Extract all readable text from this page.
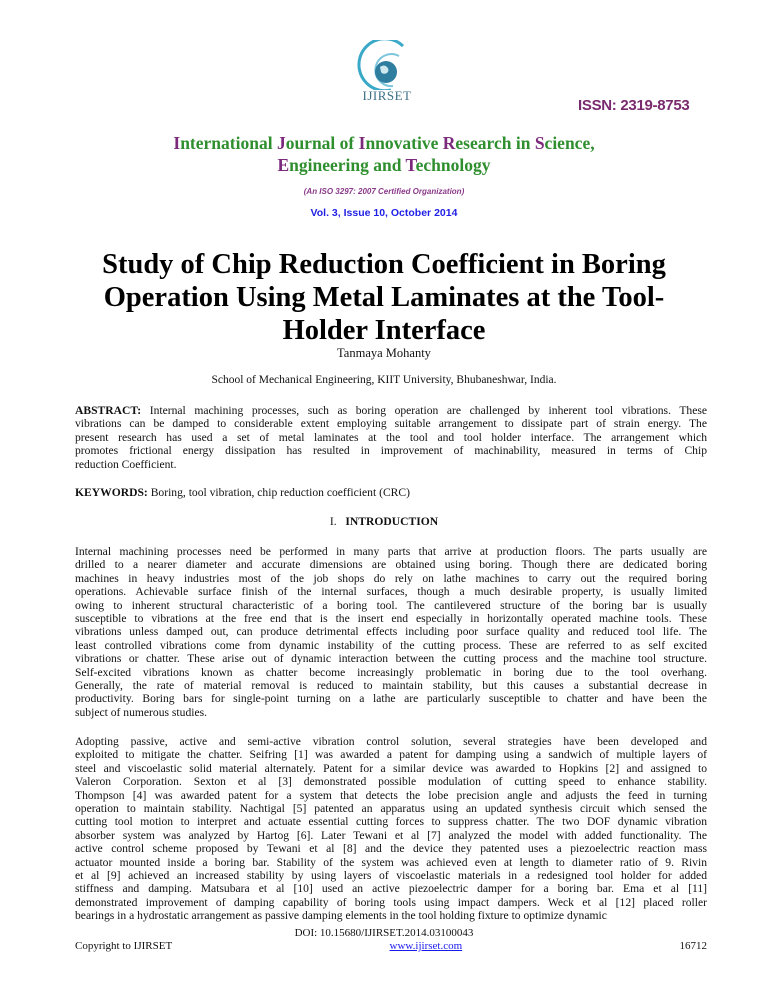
IJIRSET
ISSN: 2319-8753
International Journal of Innovative Research in Science,
Engineering and Technology
(An ISO 3297: 2007 Certified Organization)
Vol. 3, Issue 10, October 2014
Study of Chip Reduction Coefficient in Boring
Operation Using Metal Laminates at the Tool-
Holder Interface
Tanmaya Mohanty
School of Mechanical Engineering, KIIT University, Bhubaneshwar, India.
ABSTRACT: Internal machining processes, such as boring operation are challenged by inherent tool vibrations. These
vibrations can be damped to considerable extent employing suitable arrangement to dissipate part of strain energy. The
present research has used a set of metal laminates at the tool and tool holder interface. The arrangement which
promotes frictional energy dissipation has resulted in improvement of machinability, measured in terms of Chip
reduction Coefficient.
KEYWORDS: Boring, tool vibration, chip reduction coefficient (CRC)
I. INTRODUCTION
Internal machining processes need be performed in many parts that arrive at production floors. The parts usually are
drilled to a nearer diameter and accurate dimensions are obtained using boring. Though there are dedicated boring
machines in heavy industries most of the job shops do rely on lathe machines to carry out the required boring
operations. Achievable surface finish of the internal surfaces, though a much desirable property, is usually limited
owing to inherent structural characteristic of a boring tool. The cantilevered structure of the boring bar is usually
susceptible to vibrations at the free end that is the insert end especially in horizontally operated machine tools. These
vibrations unless damped out, can produce detrimental effects including poor surface quality and reduced tool life. The
least controlled vibrations come from dynamic instability of the cutting process. These are referred to as self excited
vibrations or chatter. These arise out of dynamic interaction between the cutting process and the machine tool structure.
Self-excited vibrations known as chatter become increasingly problematic in boring due to the tool overhang.
Generally, the rate of material removal is reduced to maintain stability, but this causes a substantial decrease in
productivity. Boring bars for single-point turning on a lathe are particularly susceptible to chatter and have been the
subject of numerous studies.
Adopting passive, active and semi-active vibration control solution, several strategies have been developed and
exploited to mitigate the chatter. Seifring [1] was awarded a patent for damping using a sandwich of multiple layers of
steel and viscoelastic solid material alternately. Patent for a similar device was awarded to Hopkins [2] and assigned to
Valeron Corporation. Sexton et al [3] demonstrated possible modulation of cutting speed to enhance stability.
Thompson [4] was awarded patent for a system that detects the lobe precision angle and adjusts the feed in turning
operation to maintain stability. Nachtigal [5] patented an apparatus using an updated synthesis circuit which sensed the
cutting tool motion to interpret and actuate essential cutting forces to suppress chatter. The two DOF dynamic vibration
absorber system was analyzed by Hartog [6]. Later Tewani et al [7] analyzed the model with added functionality. The
active control scheme proposed by Tewani et al [8] and the device they patented uses a piezoelectric reaction mass
actuator mounted inside a boring bar. Stability of the system was achieved even at length to diameter ratio of 9. Rivin
et al [9] achieved an increased stability by using layers of viscoelastic materials in a redesigned tool holder for added
stiffness and damping. Matsubara et al [10] used an active piezoelectric damper for a boring bar. Ema et al [11]
demonstrated improvement of damping capability of boring tools using impact dampers. Weck et al [12] placed roller
bearings in a hydrostatic arrangement as passive damping elements in the tool holding fixture to optimize dynamic
DOI: 10.15680/IJIRSET.2014.03100043
Copyright to IJIRSET	www.ijirset.com	16712
